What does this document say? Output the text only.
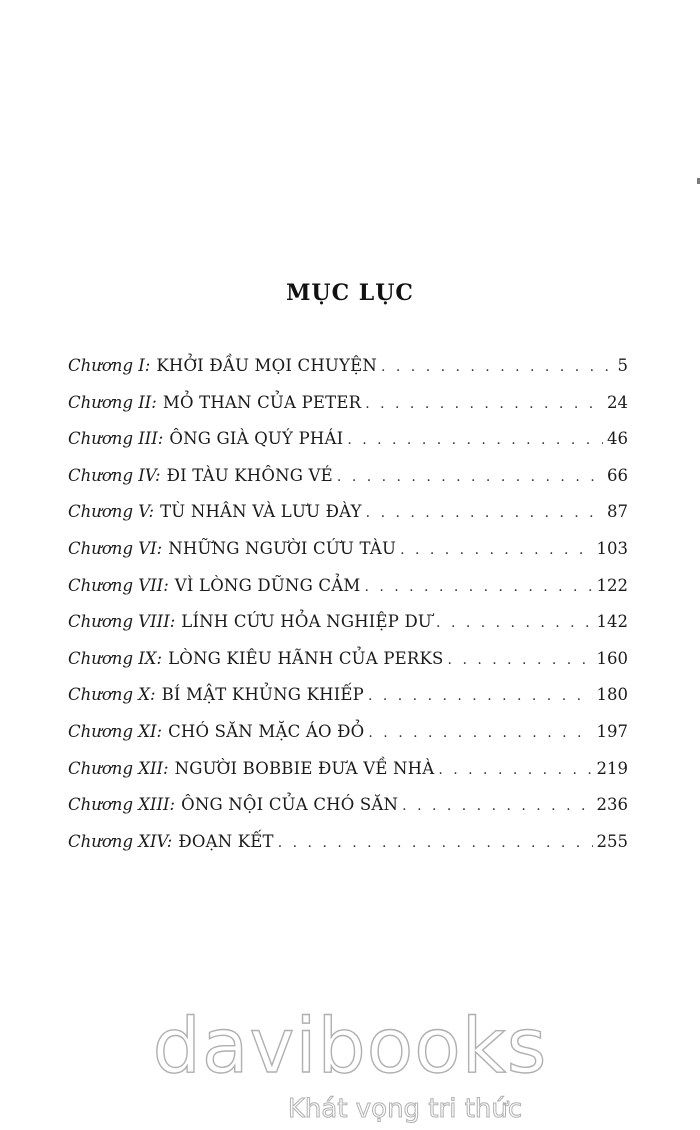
MỤC LỤC
Chương I: KHỞI ĐẦU MỌI CHUYỆN . . .	5
Chương II: MỎ THAN CỦA PETER . . .	24
Chương III: ÔNG GIÀ QUÝ PHÁI . . .	46
Chương IV: ĐI TÀU KHÔNG VÉ . . .	66
Chương V: TÙ NHÂN VÀ LƯU ĐÀY . . .	87
Chương VI: NHỮNG NGƯỜI CỨU TÀU . . .	103
Chương VII: VÌ LÒNG DŨNG CẢM . . .	122
Chương VIII: LÍNH CỨU HỎA NGHIỆP DƯ . . .	142
Chương IX: LÒNG KIÊU HÃNH CỦA PERKS . . .	160
Chương X: BÍ MẬT KHỦNG KHIẾP . . .	180
Chương XI: CHÓ SĂN MẶC ÁO ĐỎ . . .	197
Chương XII: NGƯỜI BOBBIE ĐƯA VỀ NHÀ . . .	219
Chương XIII: ÔNG NỘI CỦA CHÓ SĂN . . .	236
Chương XIV: ĐOẠN KẾT . . .	255
davibooks
Khát vọng tri thức
